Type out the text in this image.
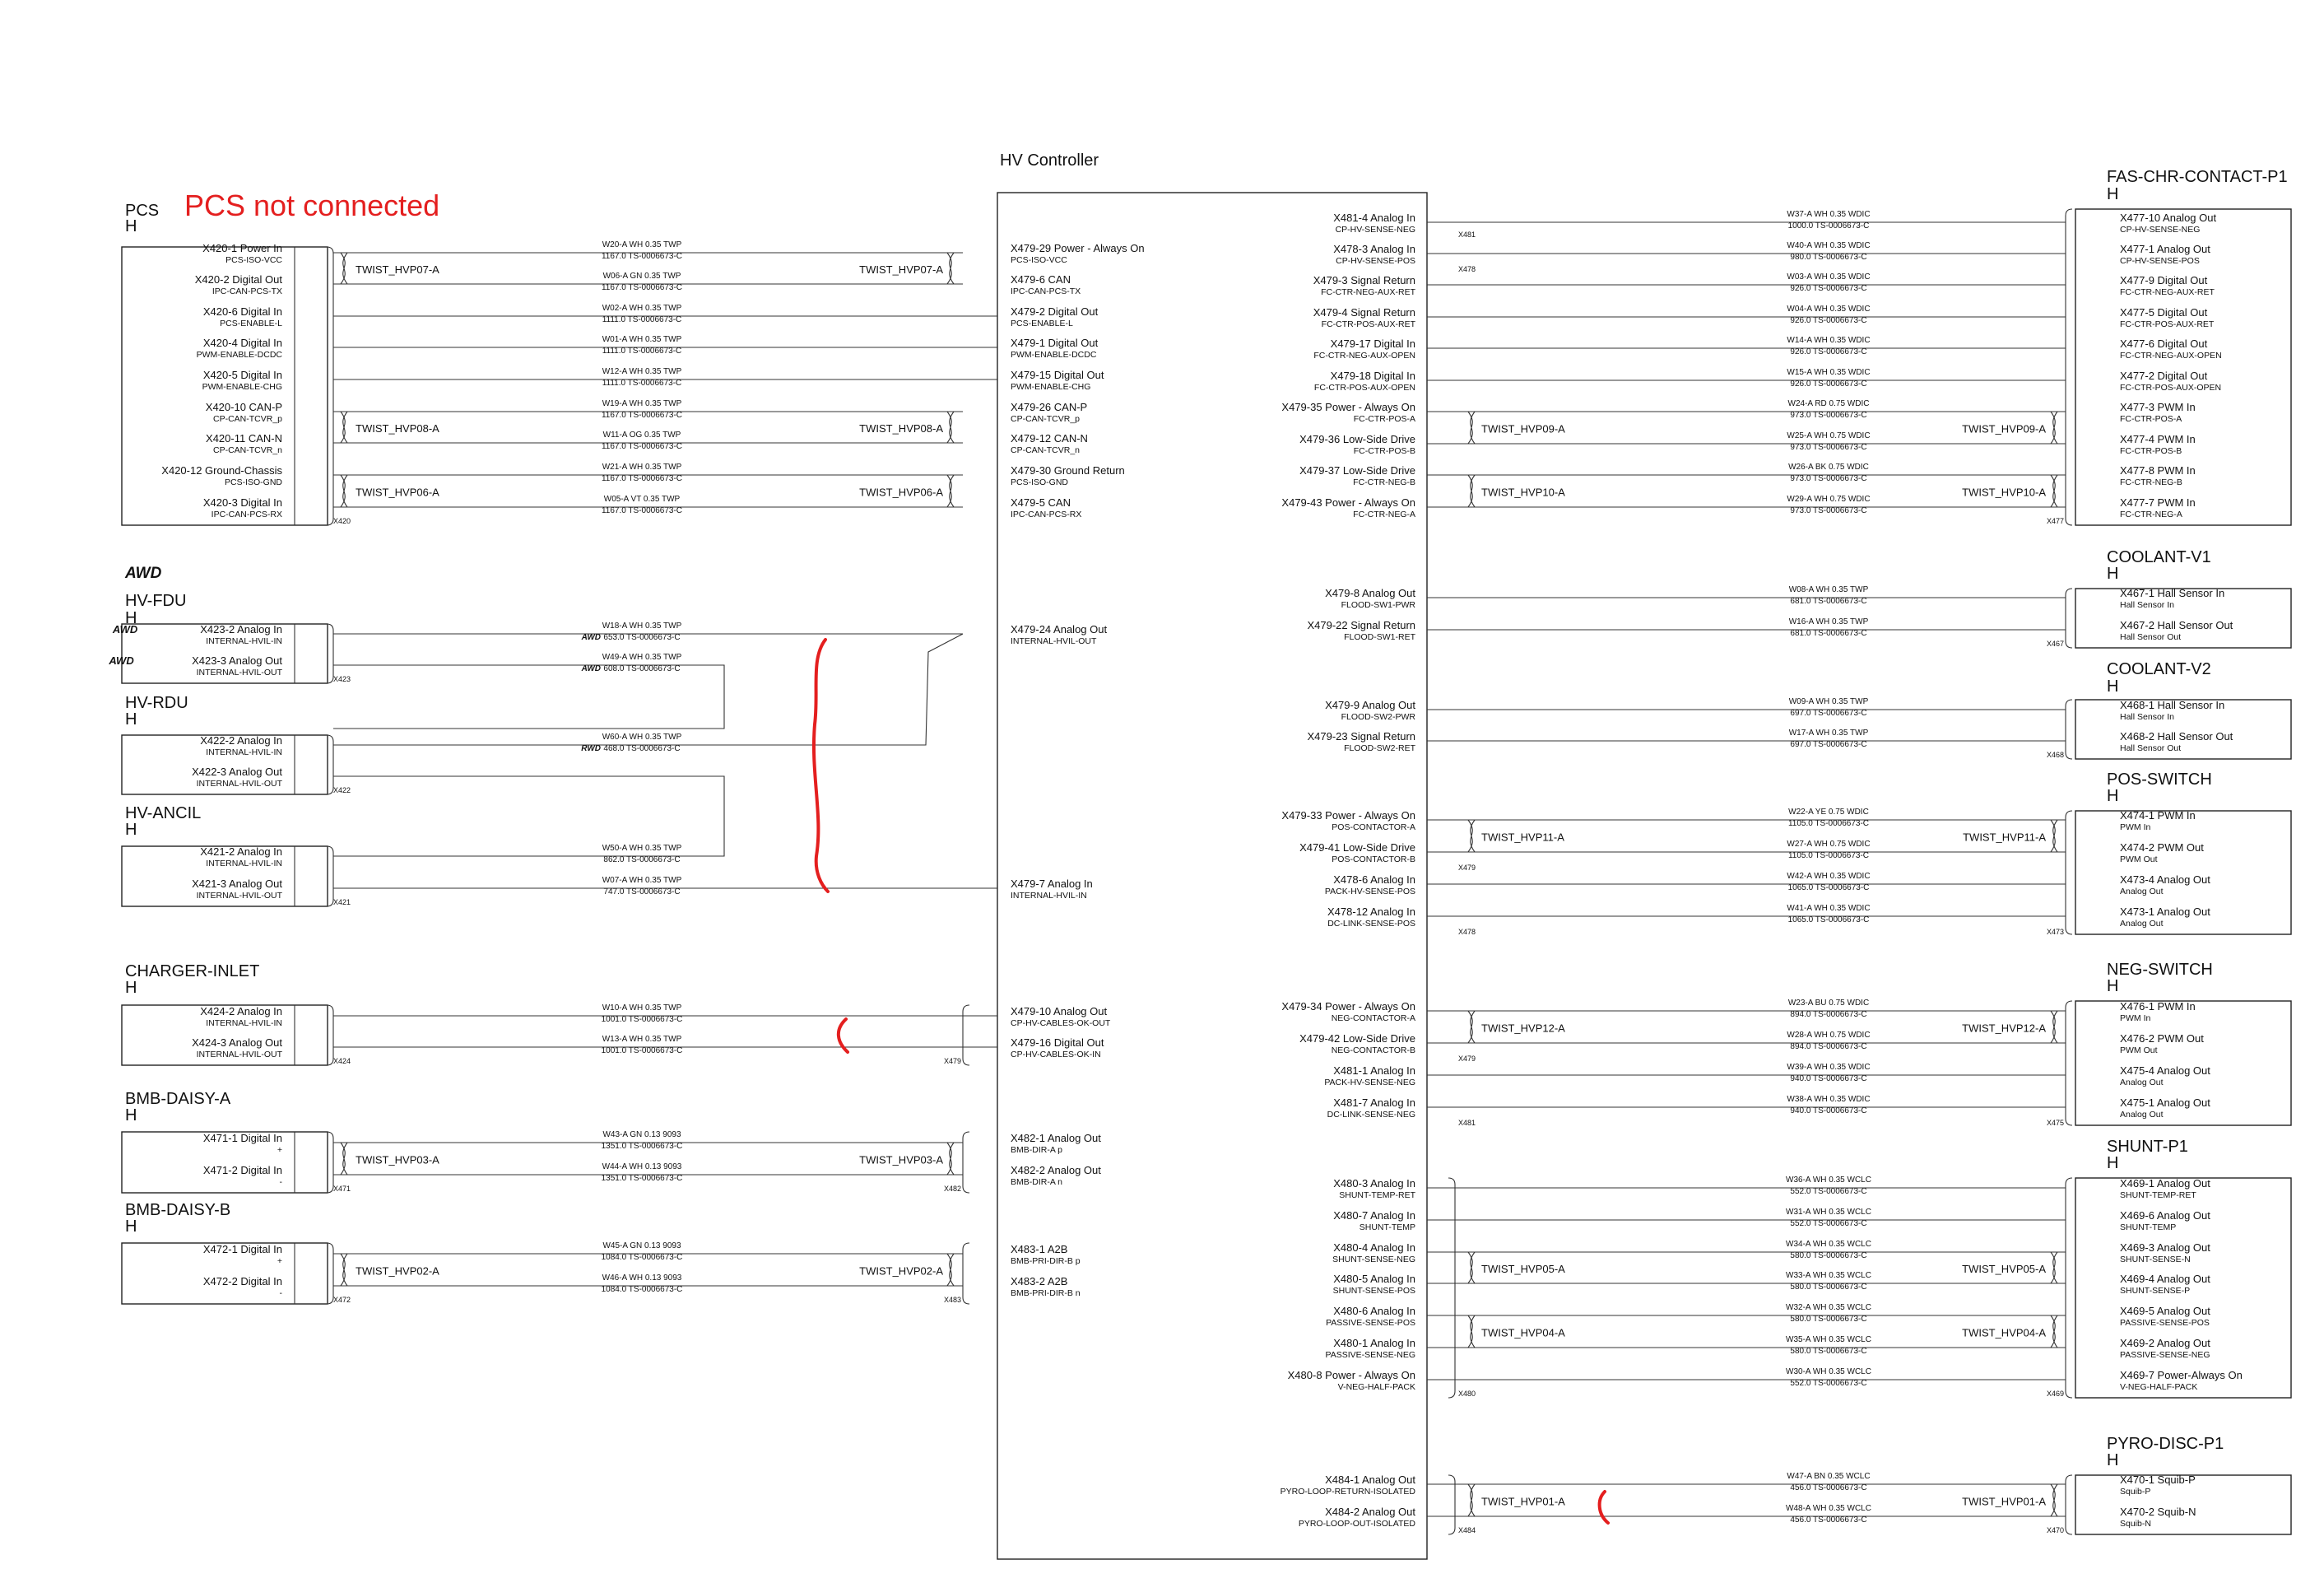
HV Controller
PCS not connected
PCS
H
X420
X420-1 Power In
PCS-ISO-VCC
W20-A WH 0.35 TWP
1167.0 TS-0006673-C
X479-29 Power - Always On
PCS-ISO-VCC
X420-2 Digital Out
IPC-CAN-PCS-TX
W06-A GN 0.35 TWP
1167.0 TS-0006673-C
X479-6 CAN
IPC-CAN-PCS-TX
X420-6 Digital In
PCS-ENABLE-L
W02-A WH 0.35 TWP
1111.0 TS-0006673-C
X479-2 Digital Out
PCS-ENABLE-L
X420-4 Digital In
PWM-ENABLE-DCDC
W01-A WH 0.35 TWP
1111.0 TS-0006673-C
X479-1 Digital Out
PWM-ENABLE-DCDC
X420-5 Digital In
PWM-ENABLE-CHG
W12-A WH 0.35 TWP
1111.0 TS-0006673-C
X479-15 Digital Out
PWM-ENABLE-CHG
X420-10 CAN-P
CP-CAN-TCVR_p
W19-A WH 0.35 TWP
1167.0 TS-0006673-C
X479-26 CAN-P
CP-CAN-TCVR_p
X420-11 CAN-N
CP-CAN-TCVR_n
W11-A OG 0.35 TWP
1167.0 TS-0006673-C
X479-12 CAN-N
CP-CAN-TCVR_n
X420-12 Ground-Chassis
PCS-ISO-GND
W21-A WH 0.35 TWP
1167.0 TS-0006673-C
X479-30 Ground Return
PCS-ISO-GND
X420-3 Digital In
IPC-CAN-PCS-RX
W05-A VT 0.35 TWP
1167.0 TS-0006673-C
X479-5 CAN
IPC-CAN-PCS-RX
TWIST_HVP07-A	TWIST_HVP07-A
TWIST_HVP08-A	TWIST_HVP08-A
TWIST_HVP06-A	TWIST_HVP06-A
AWD
HV-FDU
H
X423
AWD	X423-2 Analog In
INTERNAL-HVIL-IN
W18-A WH 0.35 TWP
653.0 TS-0006673-C
AWD
X479-24 Analog Out
INTERNAL-HVIL-OUT
AWD	X423-3 Analog Out
INTERNAL-HVIL-OUT
W49-A WH 0.35 TWP
608.0 TS-0006673-C
AWD
HV-RDU
H
X422
X422-2 Analog In
INTERNAL-HVIL-IN
W60-A WH 0.35 TWP
468.0 TS-0006673-C
RWD
X422-3 Analog Out
INTERNAL-HVIL-OUT
HV-ANCIL
H
X421
X421-2 Analog In
INTERNAL-HVIL-IN
W50-A WH 0.35 TWP
862.0 TS-0006673-C
X421-3 Analog Out
INTERNAL-HVIL-OUT
W07-A WH 0.35 TWP
747.0 TS-0006673-C
X479-7 Analog In
INTERNAL-HVIL-IN
CHARGER-INLET
H
X424
X424-2 Analog In
INTERNAL-HVIL-IN
W10-A WH 0.35 TWP
1001.0 TS-0006673-C
X479-10 Analog Out
CP-HV-CABLES-OK-OUT
X424-3 Analog Out
INTERNAL-HVIL-OUT
W13-A WH 0.35 TWP
1001.0 TS-0006673-C
X479-16 Digital Out
CP-HV-CABLES-OK-IN
X479
BMB-DAISY-A
H
X471
X471-1 Digital In
+
W43-A GN 0.13 9093
1351.0 TS-0006673-C
X482-1 Analog Out
BMB-DIR-A p
X471-2 Digital In
-
W44-A WH 0.13 9093
1351.0 TS-0006673-C
X482-2 Analog Out
BMB-DIR-A n
TWIST_HVP03-A	TWIST_HVP03-A
X482
BMB-DAISY-B
H
X472
X472-1 Digital In
+
W45-A GN 0.13 9093
1084.0 TS-0006673-C
X483-1 A2B
BMB-PRI-DIR-B p
X472-2 Digital In
-
W46-A WH 0.13 9093
1084.0 TS-0006673-C
X483-2 A2B
BMB-PRI-DIR-B n
TWIST_HVP02-A	TWIST_HVP02-A
X483
FAS-CHR-CONTACT-P1
H
X477
X481-4 Analog In
CP-HV-SENSE-NEG
W37-A WH 0.35 WDIC
1000.0 TS-0006673-C
X477-10 Analog Out
CP-HV-SENSE-NEG
X481
X478-3 Analog In
CP-HV-SENSE-POS
W40-A WH 0.35 WDIC
980.0 TS-0006673-C
X477-1 Analog Out
CP-HV-SENSE-POS
X478
X479-3 Signal Return
FC-CTR-NEG-AUX-RET
W03-A WH 0.35 WDIC
926.0 TS-0006673-C
X477-9 Digital Out
FC-CTR-NEG-AUX-RET
X479-4 Signal Return
FC-CTR-POS-AUX-RET
W04-A WH 0.35 WDIC
926.0 TS-0006673-C
X477-5 Digital Out
FC-CTR-POS-AUX-RET
X479-17 Digital In
FC-CTR-NEG-AUX-OPEN
W14-A WH 0.35 WDIC
926.0 TS-0006673-C
X477-6 Digital Out
FC-CTR-NEG-AUX-OPEN
X479-18 Digital In
FC-CTR-POS-AUX-OPEN
W15-A WH 0.35 WDIC
926.0 TS-0006673-C
X477-2 Digital Out
FC-CTR-POS-AUX-OPEN
X479-35 Power - Always On
FC-CTR-POS-A
W24-A RD 0.75 WDIC
973.0 TS-0006673-C
X477-3 PWM In
FC-CTR-POS-A
X479-36 Low-Side Drive
FC-CTR-POS-B
W25-A WH 0.75 WDIC
973.0 TS-0006673-C
X477-4 PWM In
FC-CTR-POS-B
X479-37 Low-Side Drive
FC-CTR-NEG-B
W26-A BK 0.75 WDIC
973.0 TS-0006673-C
X477-8 PWM In
FC-CTR-NEG-B
X479-43 Power - Always On
FC-CTR-NEG-A
W29-A WH 0.75 WDIC
973.0 TS-0006673-C
X477-7 PWM In
FC-CTR-NEG-A
TWIST_HVP09-A	TWIST_HVP09-A
TWIST_HVP10-A	TWIST_HVP10-A
COOLANT-V1
H
X467
X479-8 Analog Out
FLOOD-SW1-PWR
W08-A WH 0.35 TWP
681.0 TS-0006673-C
X467-1 Hall Sensor In
Hall Sensor In
X479-22 Signal Return
FLOOD-SW1-RET
W16-A WH 0.35 TWP
681.0 TS-0006673-C
X467-2 Hall Sensor Out
Hall Sensor Out
COOLANT-V2
H
X468
X479-9 Analog Out
FLOOD-SW2-PWR
W09-A WH 0.35 TWP
697.0 TS-0006673-C
X468-1 Hall Sensor In
Hall Sensor In
X479-23 Signal Return
FLOOD-SW2-RET
W17-A WH 0.35 TWP
697.0 TS-0006673-C
X468-2 Hall Sensor Out
Hall Sensor Out
POS-SWITCH
H
X479-33 Power - Always On
POS-CONTACTOR-A
W22-A YE 0.75 WDIC
1105.0 TS-0006673-C
X474-1 PWM In
PWM In
X479-41 Low-Side Drive
POS-CONTACTOR-B
W27-A WH 0.75 WDIC
1105.0 TS-0006673-C
X474-2 PWM Out
PWM Out
X479
X478-6 Analog In
PACK-HV-SENSE-POS
W42-A WH 0.35 WDIC
1065.0 TS-0006673-C
X473-4 Analog Out
Analog Out
X478-12 Analog In
DC-LINK-SENSE-POS
W41-A WH 0.35 WDIC
1065.0 TS-0006673-C
X473-1 Analog Out
Analog Out
X478	X473
TWIST_HVP11-A	TWIST_HVP11-A
NEG-SWITCH
H
X479-34 Power - Always On
NEG-CONTACTOR-A
W23-A BU 0.75 WDIC
894.0 TS-0006673-C
X476-1 PWM In
PWM In
X479-42 Low-Side Drive
NEG-CONTACTOR-B
W28-A WH 0.75 WDIC
894.0 TS-0006673-C
X476-2 PWM Out
PWM Out
X479
X481-1 Analog In
PACK-HV-SENSE-NEG
W39-A WH 0.35 WDIC
940.0 TS-0006673-C
X475-4 Analog Out
Analog Out
X481-7 Analog In
DC-LINK-SENSE-NEG
W38-A WH 0.35 WDIC
940.0 TS-0006673-C
X475-1 Analog Out
Analog Out
X481	X475
TWIST_HVP12-A	TWIST_HVP12-A
SHUNT-P1
H
X469
X480-3 Analog In
SHUNT-TEMP-RET
W36-A WH 0.35 WCLC
552.0 TS-0006673-C
X469-1 Analog Out
SHUNT-TEMP-RET
X480-7 Analog In
SHUNT-TEMP
W31-A WH 0.35 WCLC
552.0 TS-0006673-C
X469-6 Analog Out
SHUNT-TEMP
X480-4 Analog In
SHUNT-SENSE-NEG
W34-A WH 0.35 WCLC
580.0 TS-0006673-C
X469-3 Analog Out
SHUNT-SENSE-N
X480-5 Analog In
SHUNT-SENSE-POS
W33-A WH 0.35 WCLC
580.0 TS-0006673-C
X469-4 Analog Out
SHUNT-SENSE-P
X480-6 Analog In
PASSIVE-SENSE-POS
W32-A WH 0.35 WCLC
580.0 TS-0006673-C
X469-5 Analog Out
PASSIVE-SENSE-POS
X480-1 Analog In
PASSIVE-SENSE-NEG
W35-A WH 0.35 WCLC
580.0 TS-0006673-C
X469-2 Analog Out
PASSIVE-SENSE-NEG
X480-8 Power - Always On
V-NEG-HALF-PACK
W30-A WH 0.35 WCLC
552.0 TS-0006673-C
X469-7 Power-Always On
V-NEG-HALF-PACK
X480
TWIST_HVP05-A	TWIST_HVP05-A
TWIST_HVP04-A	TWIST_HVP04-A
PYRO-DISC-P1
H
X470
X484-1 Analog Out
PYRO-LOOP-RETURN-ISOLATED
W47-A BN 0.35 WCLC
456.0 TS-0006673-C
X470-1 Squib-P
Squib-P
X484-2 Analog Out
PYRO-LOOP-OUT-ISOLATED
W48-A WH 0.35 WCLC
456.0 TS-0006673-C
X470-2 Squib-N
Squib-N
X484
TWIST_HVP01-A	TWIST_HVP01-A
